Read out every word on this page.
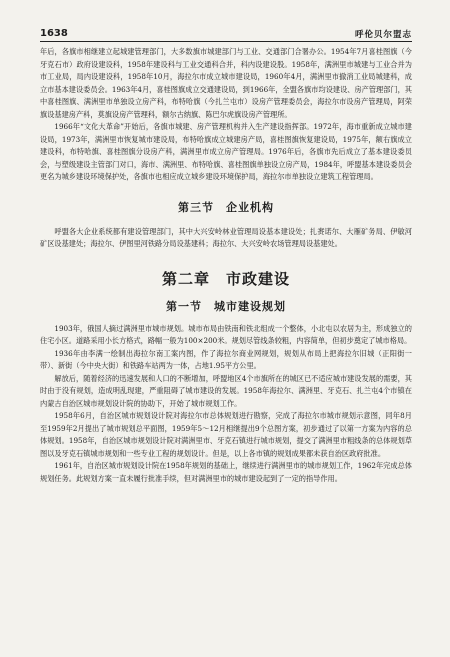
1638	呼伦贝尔盟志

年后，各旗市相继建立起城建管理部门，大多数旗市城建部门与工业、交通部门合署办公。1954年7月喜桂图旗（今牙克石市）政府设建设科，1958年建设科与工业交通科合并，科内设建设股。1958年，满洲里市城建与工业合并为市工业局，局内设建设科，1958年10月，海拉尔市成立城市建设局，1960年4月，满洲里市撤消工业局城建科，成立市基本建设委员会。1963年4月，喜桂图旗成立交通建设局，到1966年，全盟各旗市均设建设、房产管理部门，其中喜桂图旗、满洲里市单独设立房产科，布特哈旗（今扎兰屯市）设房产管理委员会，海拉尔市设房产管理局，阿荣旗设基建房产科，莫旗设房产管理科，额尔古纳旗、陈巴尔虎旗设房产管理所。

1966年“文化大革命”开始后，各旗市城建、房产管理机构并入生产建设指挥部。1972年，海市重新成立城市建设局，1973年，满洲里市恢复城市建设局，布特哈旗成立城建房产局，喜桂图旗恢复建设局，1975年，额右旗成立建设科，布特哈旗、喜桂图旗分设房产科，满洲里市成立房产管理局。1976年后，各旗市先后成立了基本建设委员会，与塑级建设主管部门对口，海市、满洲里、布特哈旗、喜桂图旗单独设立房产局，1984年，呼盟基本建设委员会更名为城乡建设环境保护处，各旗市也相应成立城乡建设环境保护局，海拉尔市单独设立建筑工程管理局。

第三节　企业机构

呼盟各大企业系统都有建设管理部门，其中大兴安岭林业管理局设基本建设处；扎赉诺尔、大雁矿务局、伊敏河矿区设基建处；海拉尔、伊图里河铁路分局设基建科；海拉尔、大兴安岭农场管理局设基建处。

第二章　市政建设
第一节　城市建设规划

1903年，俄国人摘过满洲里市城市规划。城市布局由铁南和铁北组成一个整体，小北屯以农居为主，形成独立的住宅小区。道路采用小长方格式，路幅一般为100×200米。规划尽管线条较粗，内容简单，但初步奠定了城市格局。

1936年由李满一绘制出海拉尔南工案内图，作了海拉尔商业网规划，规划从布局上把海拉尔旧城（正阳街一带）、新街（今中央大街）和铁路车站两为一体，占地1.95平方公里。

解放后，随着经济的迅速发展和人口的不断增加，呼盟地区4个市旗所在的城区已不适应城市建设发展的需要，其时由于没有规划，造成明乱现建，严重阻碍了城市建设的发展。1958年海拉尔、满洲里、牙克石、扎兰屯4个市镇在内蒙古自治区城市规划设计院的协助下，开始了城市规划工作。

1958年6月，自治区城市规划设计院对海拉尔市总体规划进行勘察，完成了海拉尔市城市规划示意图，同年8月至1959年2月提出了城市规划总平面图，1959年5～12月相继提出9个总图方案，初步通过了以第一方案为内容的总体规划。1958年，自治区城市规划设计院对满洲里市、牙克石镇进行城市规划，提交了满洲里市粗线条的总体规划草图以及牙克石镇城市规划和一些专业工程的规划设计。但是，以上各市镇的规划成果都未获自治区政府批准。

1961年，自治区城市规划设计院在1958年规划的基础上，继续进行满洲里市的城市规划工作，1962年完成总体规划任务。此规划方案一直未履行批准手续，但对满洲里市的城市建设起到了一定的指导作用。
